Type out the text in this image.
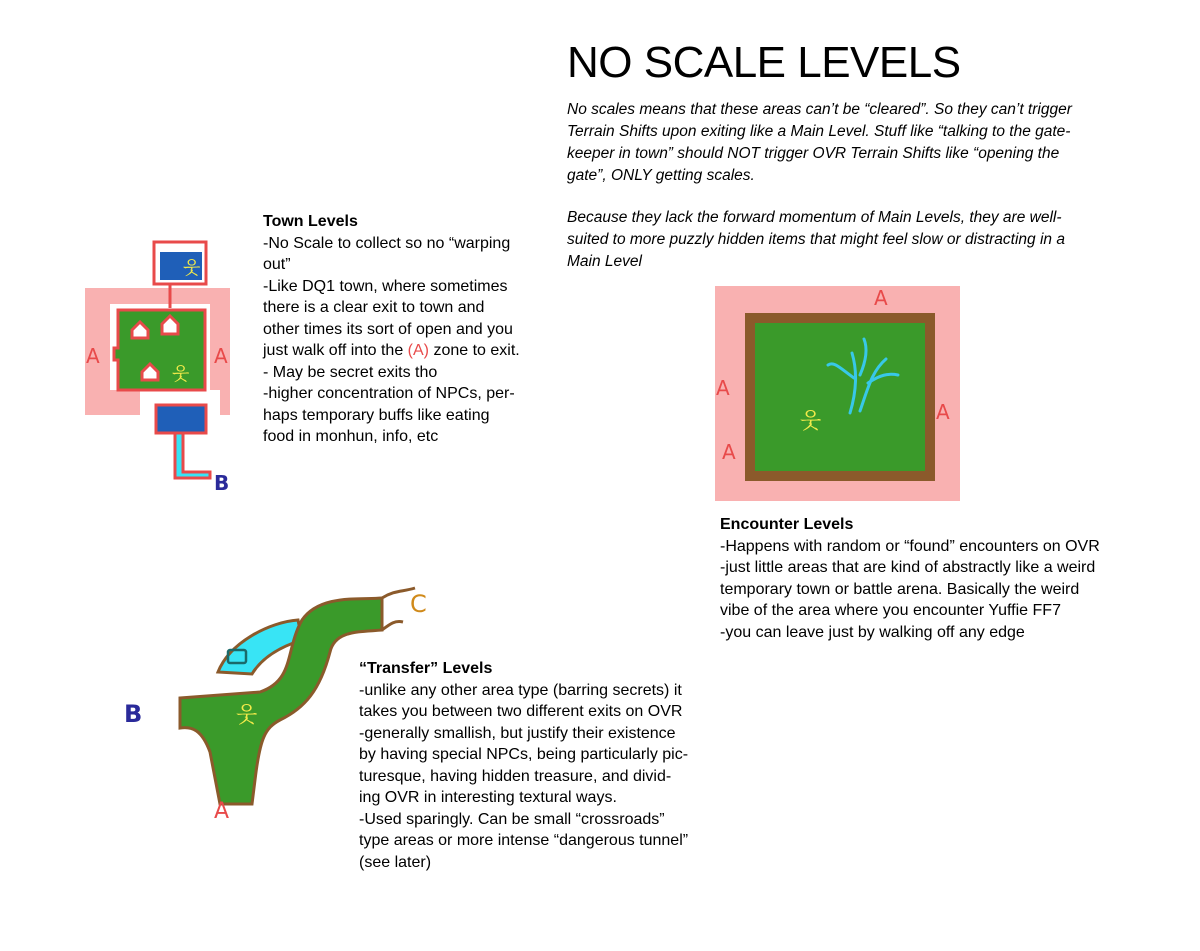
NO SCALE LEVELS

No scales means that these areas can’t be “cleared”. So they can’t trigger
Terrain Shifts upon exiting like a Main Level. Stuff like “talking to the gate-
keeper in town” should NOT trigger OVR Terrain Shifts like “opening the
gate”, ONLY getting scales.

Because they lack the forward momentum of Main Levels, they are well-
suited to more puzzly hidden items that might feel slow or distracting in a
Main Level

웃
웃
A	A
B
Town Levels
-No Scale to collect so no “warping
out”
-Like DQ1 town, where sometimes
there is a clear exit to town and
other times its sort of open and you
just walk off into the (A) zone to exit.
- May be secret exits tho
-higher concentration of NPCs, per-
haps temporary buffs like eating
food in monhun, info, etc
웃
A
A
A
A
Encounter Levels
-Happens with random or “found” encounters on OVR
-just little areas that are kind of abstractly like a weird
temporary town or battle arena. Basically the weird
vibe of the area where you encounter Yuffie FF7
-you can leave just by walking off any edge
웃
C
B
A
“Transfer” Levels
-unlike any other area type (barring secrets) it
takes you between two different exits on OVR
-generally smallish, but justify their existence
by having special NPCs, being particularly pic-
turesque, having hidden treasure, and divid-
ing OVR in interesting textural ways.
-Used sparingly. Can be small “crossroads”
type areas or more intense “dangerous tunnel”
(see later)
